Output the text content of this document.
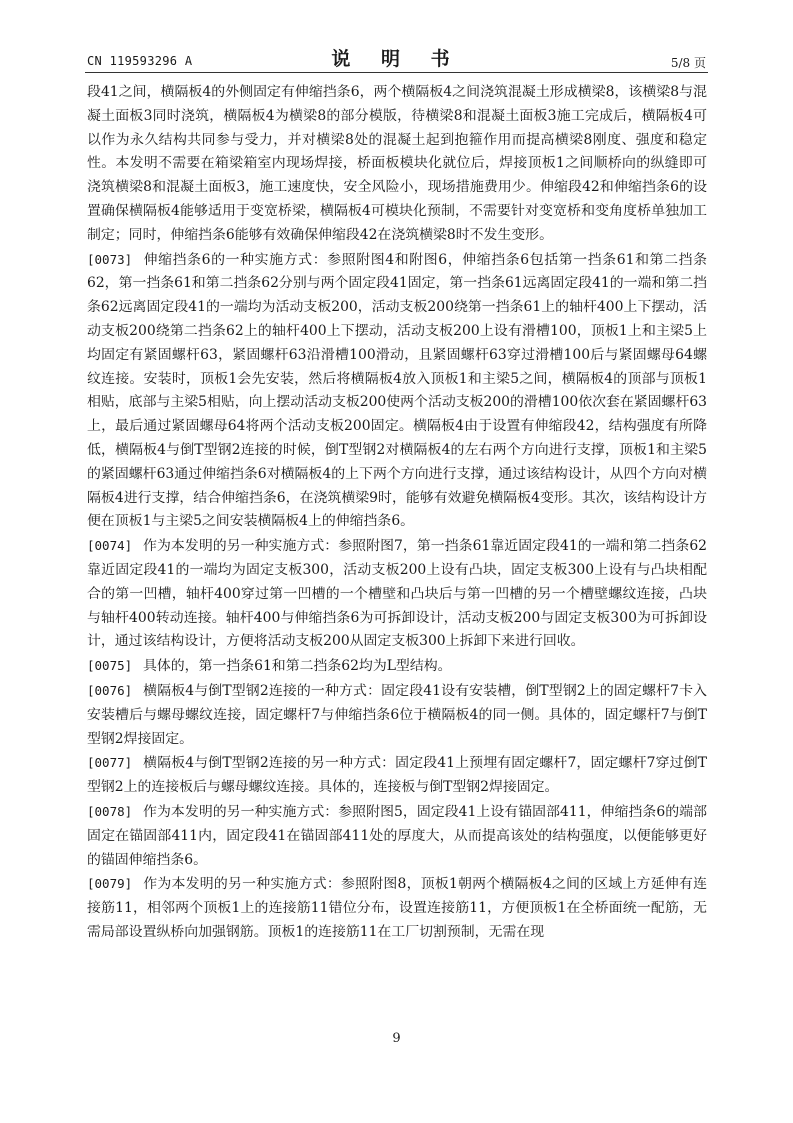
CN 119593296 A	说 明 书	5/8 页

段41之间，横隔板4的外侧固定有伸缩挡条6，两个横隔板4之间浇筑混凝土形成横梁8，该横梁8与混凝土面板3同时浇筑，横隔板4为横梁8的部分模版，待横梁8和混凝土面板3施工完成后，横隔板4可以作为永久结构共同参与受力，并对横梁8处的混凝土起到抱箍作用而提高横梁8刚度、强度和稳定性。本发明不需要在箱梁箱室内现场焊接，桥面板模块化就位后，焊接顶板1之间顺桥向的纵缝即可浇筑横梁8和混凝土面板3，施工速度快，安全风险小，现场措施费用少。伸缩段42和伸缩挡条6的设置确保横隔板4能够适用于变宽桥梁，横隔板4可模块化预制，不需要针对变宽桥和变角度桥单独加工制定；同时，伸缩挡条6能够有效确保伸缩段42在浇筑横梁8时不发生变形。

[0073] 伸缩挡条6的一种实施方式：参照附图4和附图6，伸缩挡条6包括第一挡条61和第二挡条62，第一挡条61和第二挡条62分别与两个固定段41固定，第一挡条61远离固定段41的一端和第二挡条62远离固定段41的一端均为活动支板200，活动支板200绕第一挡条61上的轴杆400上下摆动，活动支板200绕第二挡条62上的轴杆400上下摆动，活动支板200上设有滑槽100，顶板1上和主梁5上均固定有紧固螺杆63，紧固螺杆63沿滑槽100滑动，且紧固螺杆63穿过滑槽100后与紧固螺母64螺纹连接。安装时，顶板1会先安装，然后将横隔板4放入顶板1和主梁5之间，横隔板4的顶部与顶板1相贴，底部与主梁5相贴，向上摆动活动支板200使两个活动支板200的滑槽100依次套在紧固螺杆63上，最后通过紧固螺母64将两个活动支板200固定。横隔板4由于设置有伸缩段42，结构强度有所降低，横隔板4与倒T型钢2连接的时候，倒T型钢2对横隔板4的左右两个方向进行支撑，顶板1和主梁5的紧固螺杆63通过伸缩挡条6对横隔板4的上下两个方向进行支撑，通过该结构设计，从四个方向对横隔板4进行支撑，结合伸缩挡条6，在浇筑横梁9时，能够有效避免横隔板4变形。其次，该结构设计方便在顶板1与主梁5之间安装横隔板4上的伸缩挡条6。

[0074] 作为本发明的另一种实施方式：参照附图7，第一挡条61靠近固定段41的一端和第二挡条62靠近固定段41的一端均为固定支板300，活动支板200上设有凸块，固定支板300上设有与凸块相配合的第一凹槽，轴杆400穿过第一凹槽的一个槽壁和凸块后与第一凹槽的另一个槽壁螺纹连接，凸块与轴杆400转动连接。轴杆400与伸缩挡条6为可拆卸设计，活动支板200与固定支板300为可拆卸设计，通过该结构设计，方便将活动支板200从固定支板300上拆卸下来进行回收。

[0075] 具体的，第一挡条61和第二挡条62均为L型结构。

[0076] 横隔板4与倒T型钢2连接的一种方式：固定段41设有安装槽，倒T型钢2上的固定螺杆7卡入安装槽后与螺母螺纹连接，固定螺杆7与伸缩挡条6位于横隔板4的同一侧。具体的，固定螺杆7与倒T型钢2焊接固定。

[0077] 横隔板4与倒T型钢2连接的另一种方式：固定段41上预埋有固定螺杆7，固定螺杆7穿过倒T型钢2上的连接板后与螺母螺纹连接。具体的，连接板与倒T型钢2焊接固定。

[0078] 作为本发明的另一种实施方式：参照附图5，固定段41上设有锚固部411，伸缩挡条6的端部固定在锚固部411内，固定段41在锚固部411处的厚度大，从而提高该处的结构强度，以便能够更好的锚固伸缩挡条6。

[0079] 作为本发明的另一种实施方式：参照附图8，顶板1朝两个横隔板4之间的区域上方延伸有连接筋11，相邻两个顶板1上的连接筋11错位分布，设置连接筋11，方便顶板1在全桥面统一配筋，无需局部设置纵桥向加强钢筋。顶板1的连接筋11在工厂切割预制，无需在现

9
